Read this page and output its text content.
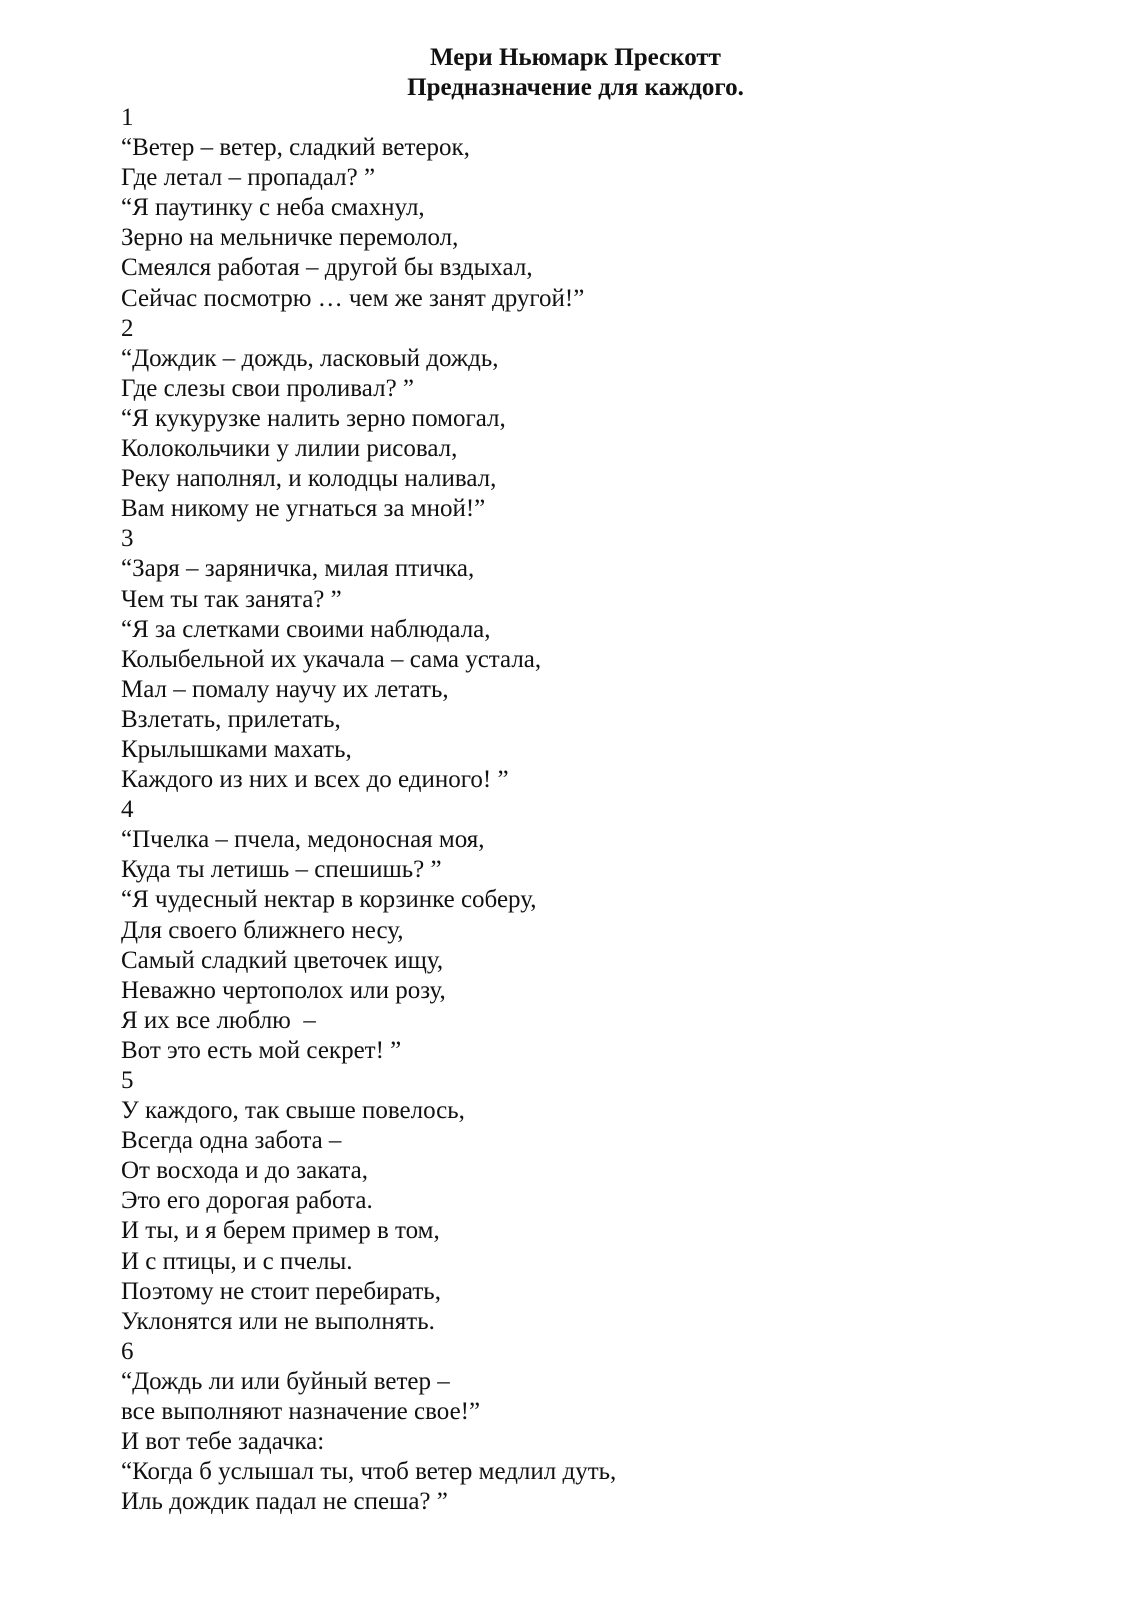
Мери Ньюмарк Прескотт
Предназначение для каждого.
1
“Ветер – ветер, сладкий ветерок,
Где летал – пропадал? ”
“Я паутинку с неба смахнул,
Зерно на мельничке перемолол,
Смеялся работая – другой бы вздыхал,
Сейчас посмотрю … чем же занят другой!”
2
“Дождик – дождь, ласковый дождь,
Где слезы свои проливал? ”
“Я кукурузке налить зерно помогал,
Колокольчики у лилии рисовал,
Реку наполнял, и колодцы наливал,
Вам никому не угнаться за мной!”
3
“Заря – заряничка, милая птичка,
Чем ты так занята? ”
“Я за слетками своими наблюдала,
Колыбельной их укачала – сама устала,
Мал – помалу научу их летать,
Взлетать, прилетать,
Крылышками махать,
Каждого из них и всех до единого! ”
4
“Пчелка – пчела, медоносная моя,
Куда ты летишь – спешишь? ”
“Я чудесный нектар в корзинке соберу,
Для своего ближнего несу,
Самый сладкий цветочек ищу,
Неважно чертополох или розу,
Я их все люблю  –
Вот это есть мой секрет! ”
5
У каждого, так свыше повелось,
Всегда одна забота –
От восхода и до заката,
Это его дорогая работа.
И ты, и я берем пример в том,
И с птицы, и с пчелы.
Поэтому не стоит перебирать,
Уклонятся или не выполнять.
6
“Дождь ли или буйный ветер –
все выполняют назначение свое!”
И вот тебе задачка:
“Когда б услышал ты, чтоб ветер медлил дуть,
Иль дождик падал не спеша? ”
